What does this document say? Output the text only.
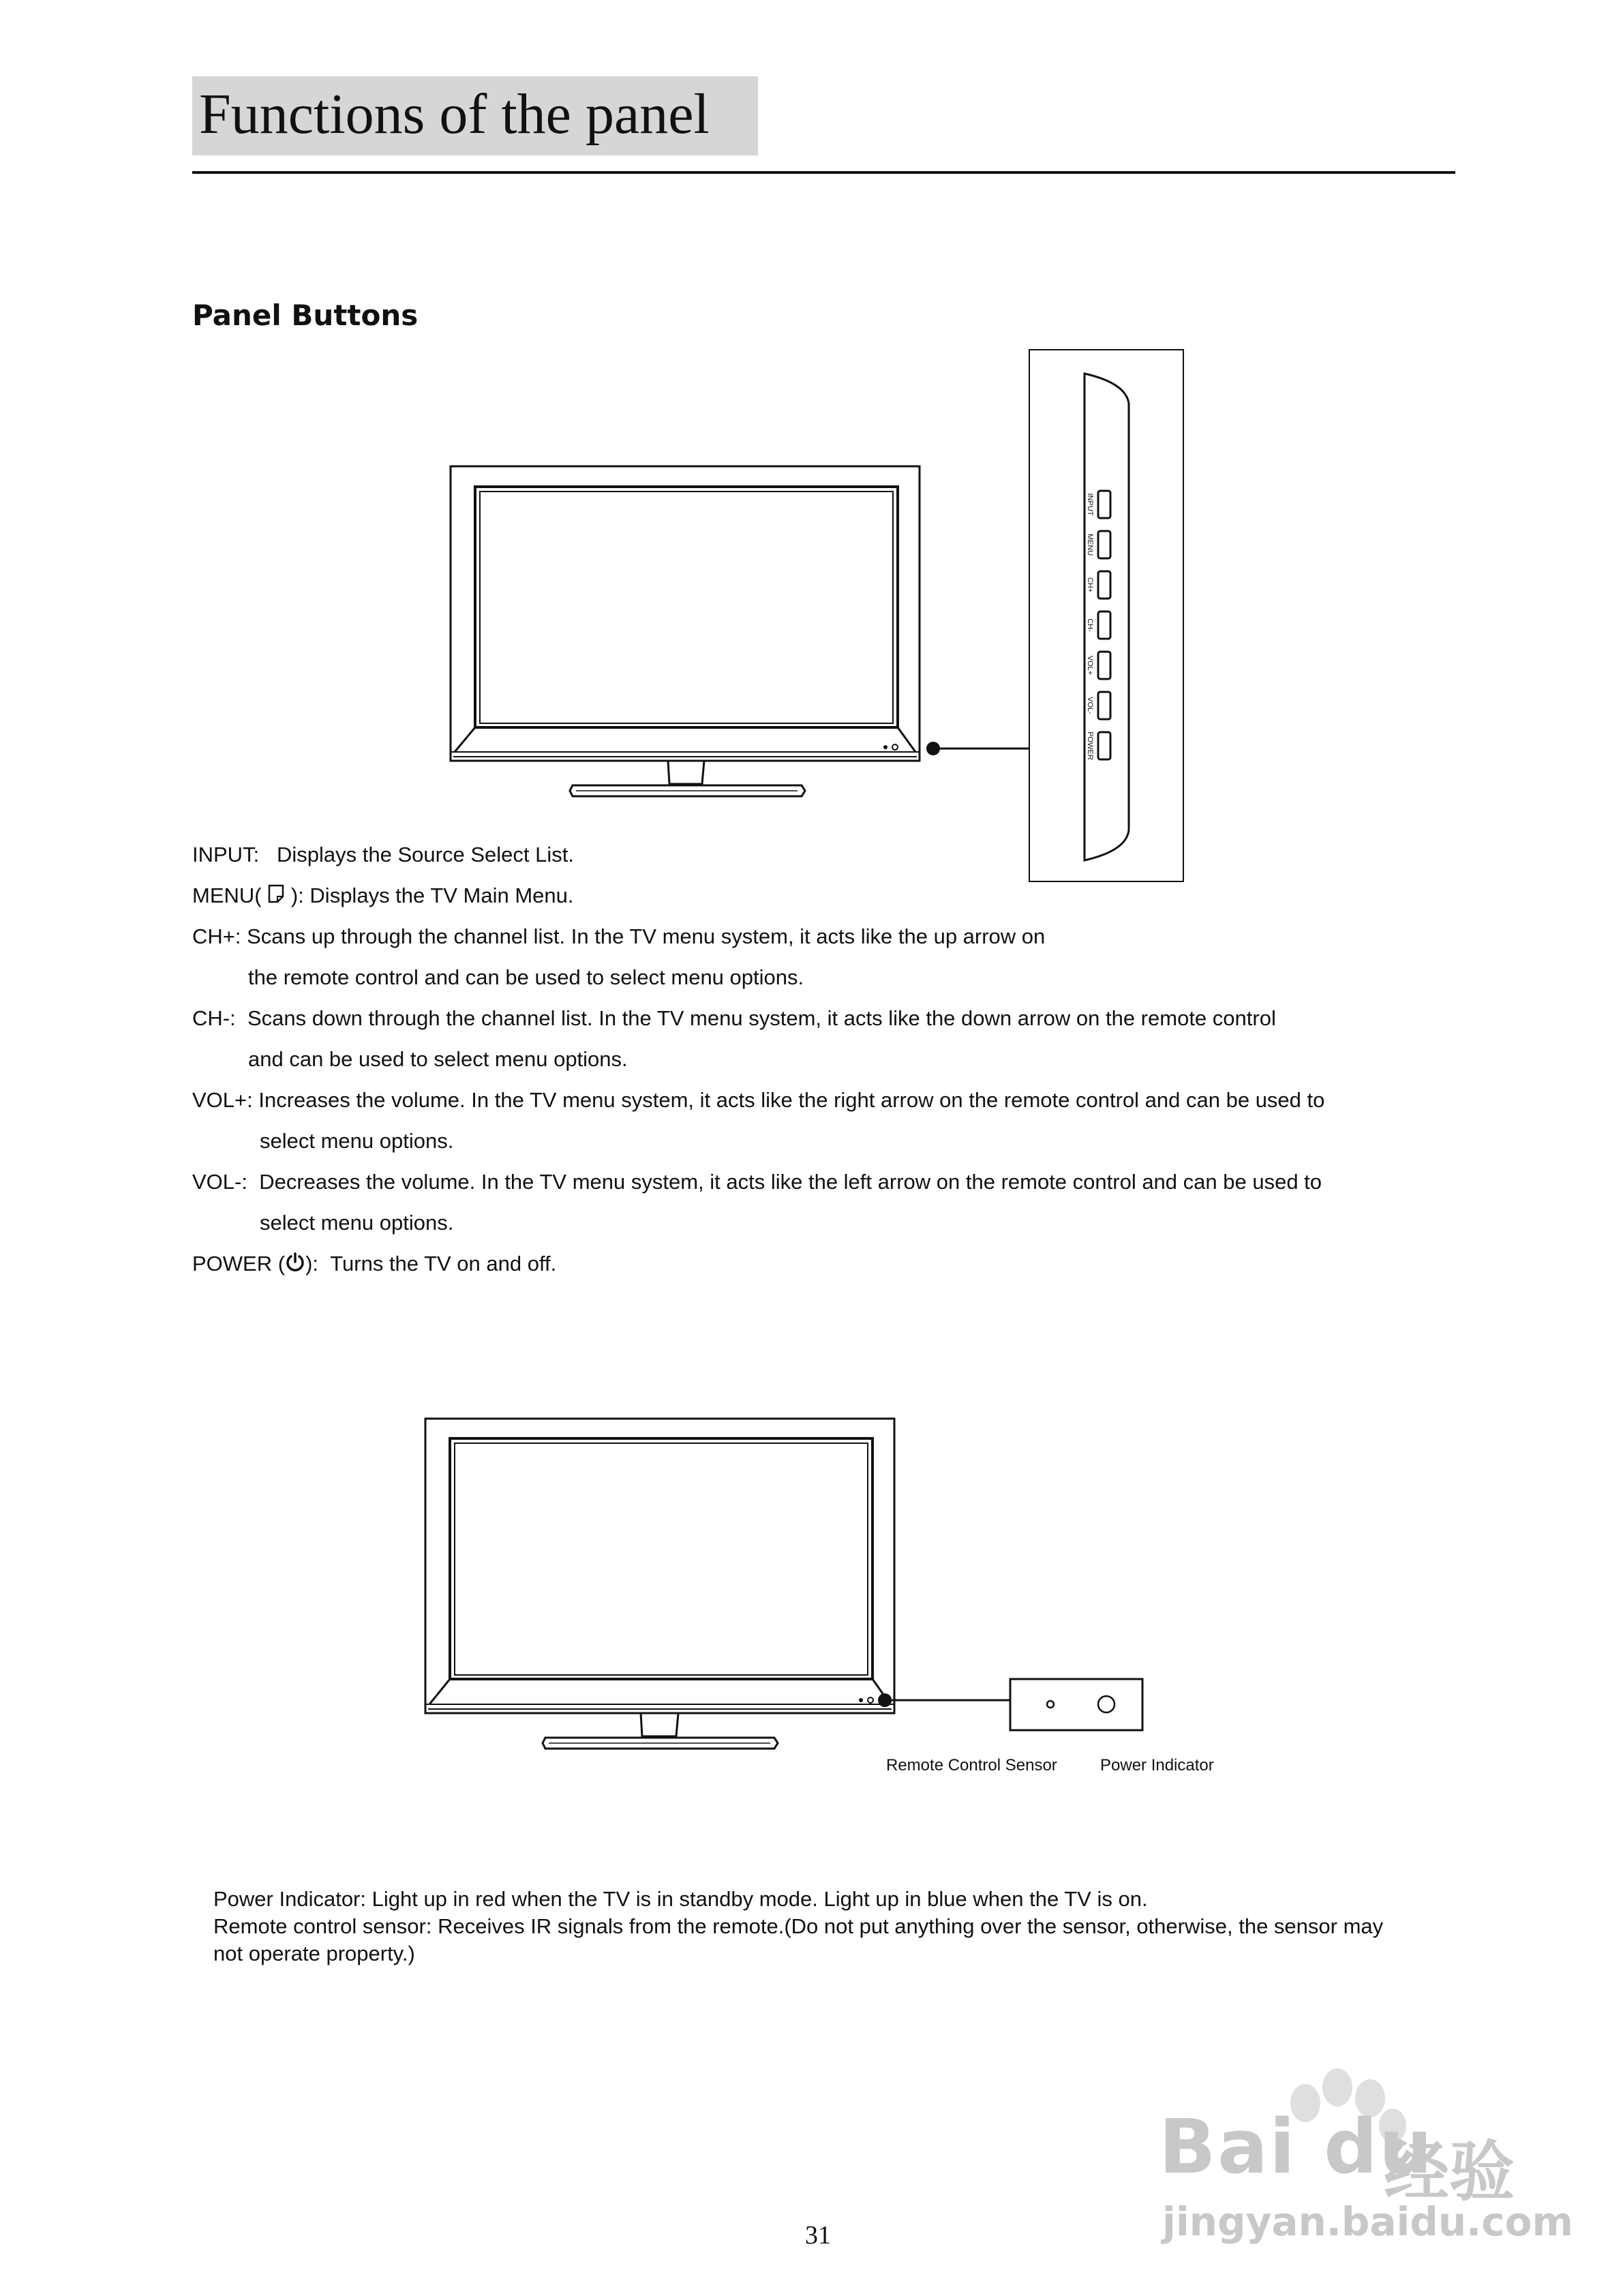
Functions of the panel
Panel Buttons
INPUT
MENU
CH+
CH-
VOL+
VOL-
POWER
INPUT: Displays the Source Select List.
MENU( ): Displays the TV Main Menu.
CH+: Scans up through the channel list. In the TV menu system, it acts like the up arrow on
the remote control and can be used to select menu options.
CH-: Scans down through the channel list. In the TV menu system, it acts like the down arrow on the remote control
and can be used to select menu options.
VOL+: Increases the volume. In the TV menu system, it acts like the right arrow on the remote control and can be used to
select menu options.
VOL-: Decreases the volume. In the TV menu system, it acts like the left arrow on the remote control and can be used to
select menu options.
POWER ( ): Turns the TV on and off.
Remote Control Sensor	Power Indicator
Power Indicator: Light up in red when the TV is in standby mode. Light up in blue when the TV is on.
Remote control sensor: Receives IR signals from the remote.(Do not put anything over the sensor, otherwise, the sensor may
not operate property.)
Bai du
经验
jingyan.baidu.com
31
